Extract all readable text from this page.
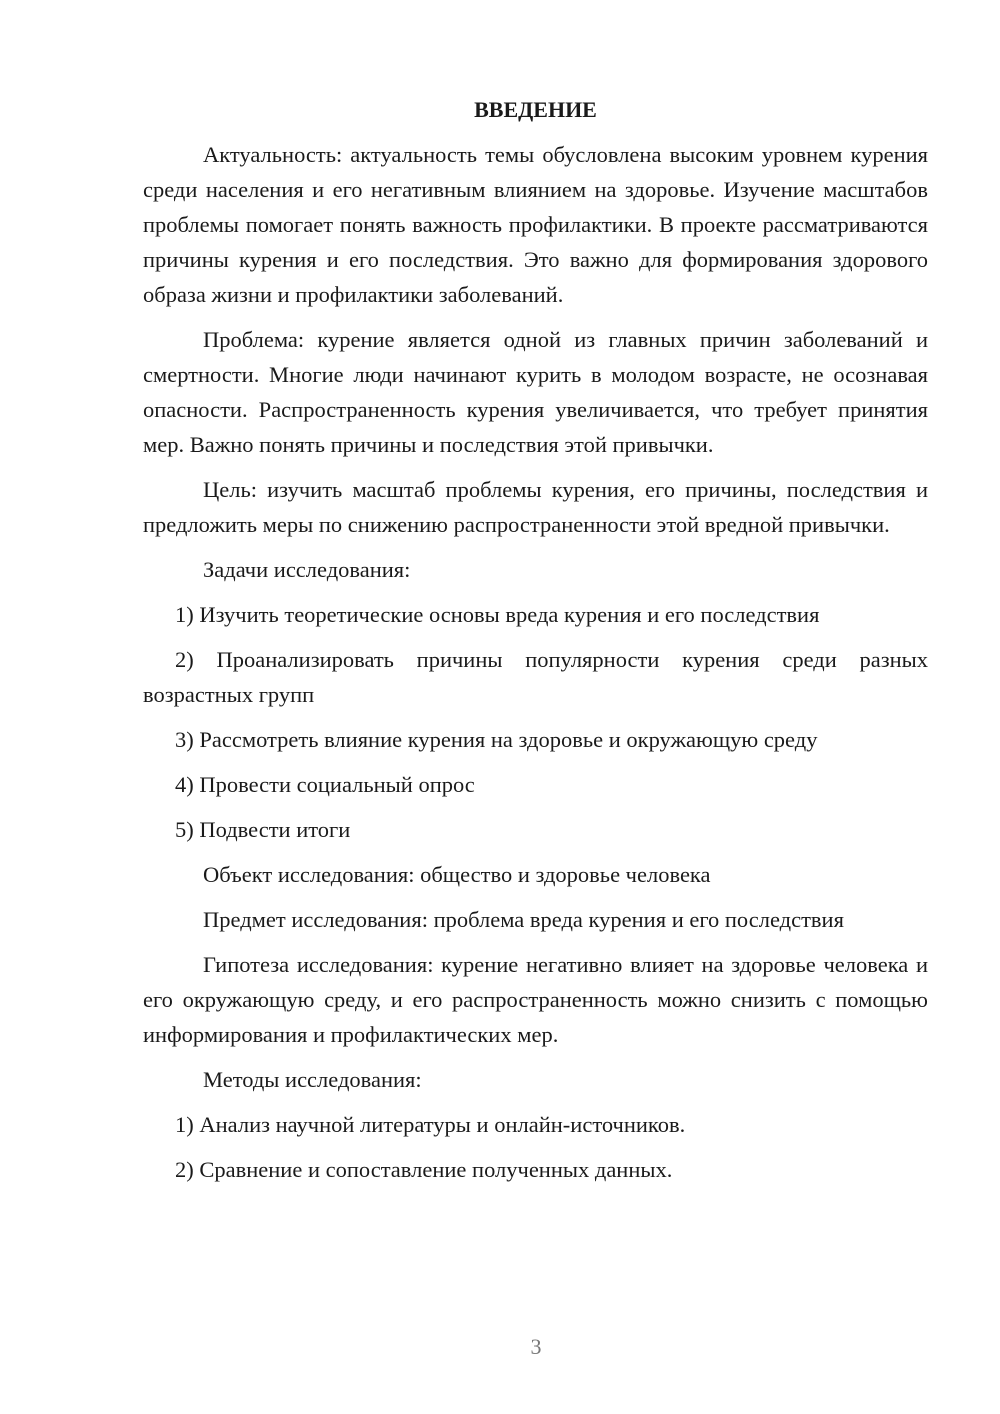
ВВЕДЕНИЕ

Актуальность: актуальность темы обусловлена высоким уровнем курения среди населения и его негативным влиянием на здоровье. Изучение масштабов проблемы помогает понять важность профилактики. В проекте рассматриваются причины курения и его последствия. Это важно для формирования здорового образа жизни и профилактики заболеваний.

Проблема: курение является одной из главных причин заболеваний и смертности. Многие люди начинают курить в молодом возрасте, не осознавая опасности. Распространенность курения увеличивается, что требует принятия мер. Важно понять причины и последствия этой привычки.

Цель: изучить масштаб проблемы курения, его причины, последствия и предложить меры по снижению распространенности этой вредной привычки.

Задачи исследования:

1) Изучить теоретические основы вреда курения и его последствия

2) Проанализировать причины популярности курения среди разных возрастных групп

3) Рассмотреть влияние курения на здоровье и окружающую среду

4) Провести социальный опрос

5) Подвести итоги

Объект исследования: общество и здоровье человека

Предмет исследования: проблема вреда курения и его последствия

Гипотеза исследования: курение негативно влияет на здоровье человека и его окружающую среду, и его распространенность можно снизить с помощью информирования и профилактических мер.

Методы исследования:

1) Анализ научной литературы и онлайн-источников.

2) Сравнение и сопоставление полученных данных.

3
